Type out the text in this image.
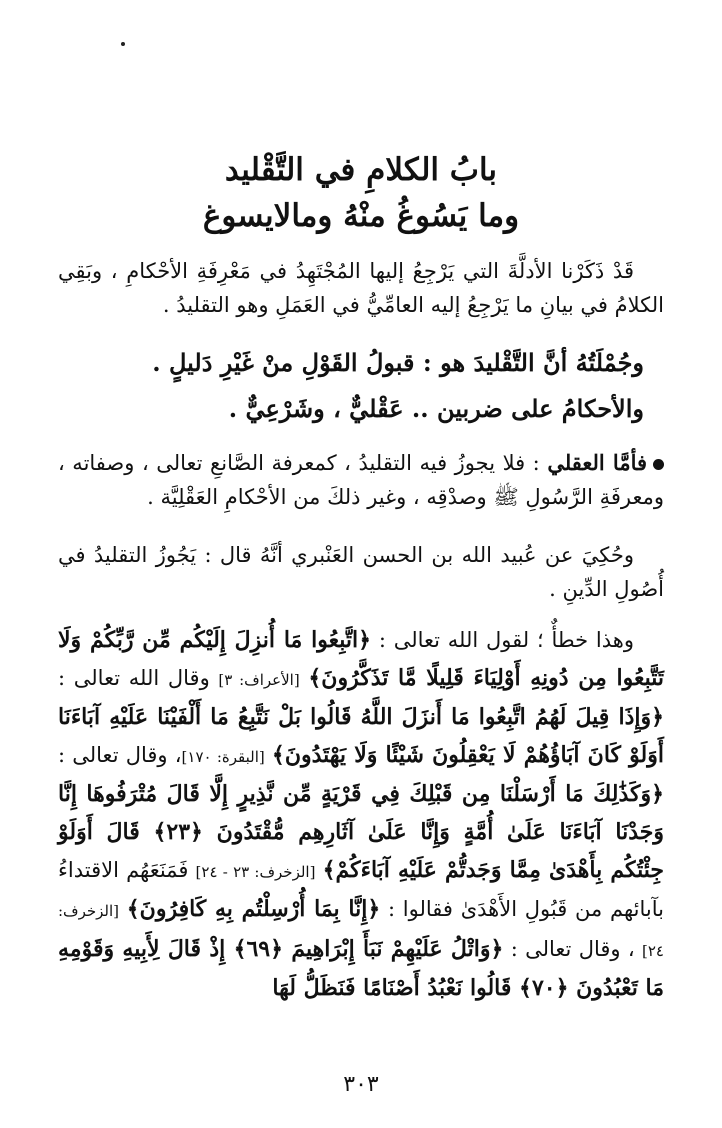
بابُ الكلامِ في التَّقْليد
وما يَسُوغُ منْهُ ومالايسوغ
قَدْ ذَكَرْنا الأدلَّةَ التي يَرْجِعُ إليها المُجْتَهِدُ في مَعْرِفَةِ الأحْكامِ ، وبَقِي الكلامُ في بيانِ ما يَرْجِعُ إليه العامِّيُّ في العَمَلِ وهو التقليدُ .
وجُمْلَتُهُ أنَّ التَّقْليدَ هو : قبولُ القَوْلِ منْ غَيْرِ دَليلٍ .
والأحكامُ على ضربين .. عَقْليٌّ ، وشَرْعِيٌّ .
فأمَّا العقلي : فلا يجوزُ فيه التقليدُ ، كمعرفة الصَّانعِ تعالى ، وصفاته ، ومعرفَةِ الرَّسُولِ ﷺ وصدْقِه ، وغير ذلكَ من الأحْكامِ العَقْلِيَّة .
وحُكِيَ عن عُبيد الله بن الحسن العَنْبري أنَّهُ قال : يَجُوزُ التقليدُ في أُصُولِ الدِّينِ .
وهذا خطأٌ ؛ لقول الله تعالى : ﴿اتَّبِعُوا مَا أُنزِلَ إِلَيْكُم مِّن رَّبِّكُمْ وَلَا تَتَّبِعُوا مِن دُونِهِ أَوْلِيَاءَ قَلِيلًا مَّا تَذَكَّرُونَ﴾ [الأعراف: ٣] وقال الله تعالى : ﴿وَإِذَا قِيلَ لَهُمُ اتَّبِعُوا مَا أَنزَلَ اللَّهُ قَالُوا بَلْ نَتَّبِعُ مَا أَلْفَيْنَا عَلَيْهِ آبَاءَنَا أَوَلَوْ كَانَ آبَاؤُهُمْ لَا يَعْقِلُونَ شَيْئًا وَلَا يَهْتَدُونَ﴾ [البقرة: ١٧٠]، وقال تعالى : ﴿وَكَذَٰلِكَ مَا أَرْسَلْنَا مِن قَبْلِكَ فِي قَرْيَةٍ مِّن نَّذِيرٍ إِلَّا قَالَ مُتْرَفُوهَا إِنَّا وَجَدْنَا آبَاءَنَا عَلَىٰ أُمَّةٍ وَإِنَّا عَلَىٰ آثَارِهِم مُّقْتَدُونَ ﴿٢٣﴾ قَالَ أَوَلَوْ جِئْتُكُم بِأَهْدَىٰ مِمَّا وَجَدتُّمْ عَلَيْهِ آبَاءَكُمْ﴾ [الزخرف: ٢٣ - ٢٤] فَمَنَعَهُم الاقتداءُ بآبائهم من قَبُولِ الأَهْدَىٰ فقالوا : ﴿إِنَّا بِمَا أُرْسِلْتُم بِهِ كَافِرُونَ﴾ [الزخرف: ٢٤] ، وقال تعالى : ﴿وَاتْلُ عَلَيْهِمْ نَبَأَ إِبْرَاهِيمَ ﴿٦٩﴾ إِذْ قَالَ لِأَبِيهِ وَقَوْمِهِ مَا تَعْبُدُونَ ﴿٧٠﴾ قَالُوا نَعْبُدُ أَصْنَامًا فَنَظَلُّ لَهَا
٣٠٣
